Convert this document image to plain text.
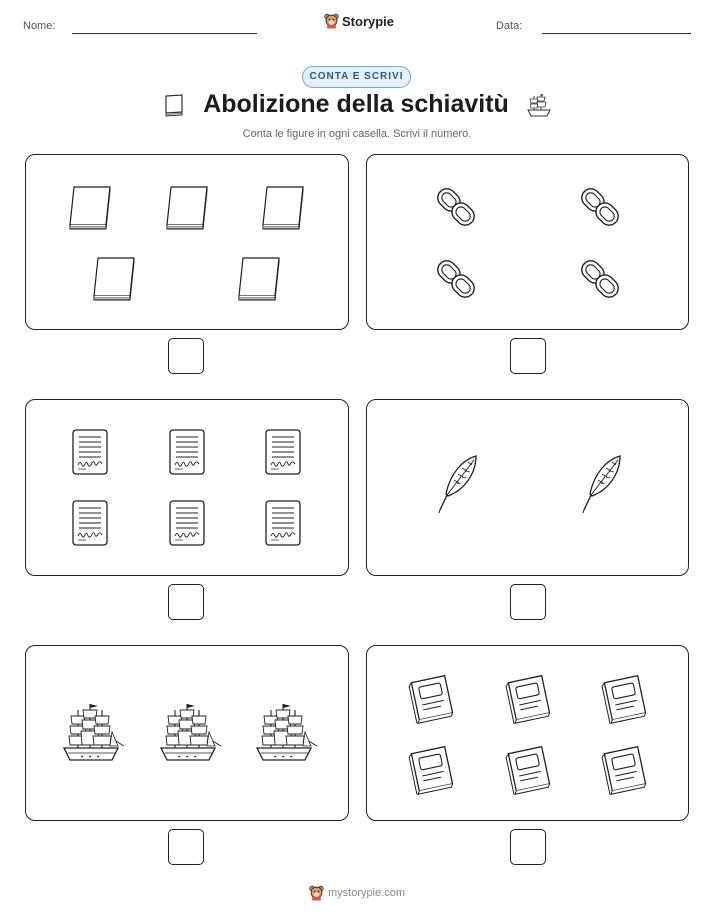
Nome:	Storypie	Data:
CONTA E SCRIVI
Abolizione della schiavitù
Conta le figure in ogni casella. Scrivi il numero.
mystorypie.com
